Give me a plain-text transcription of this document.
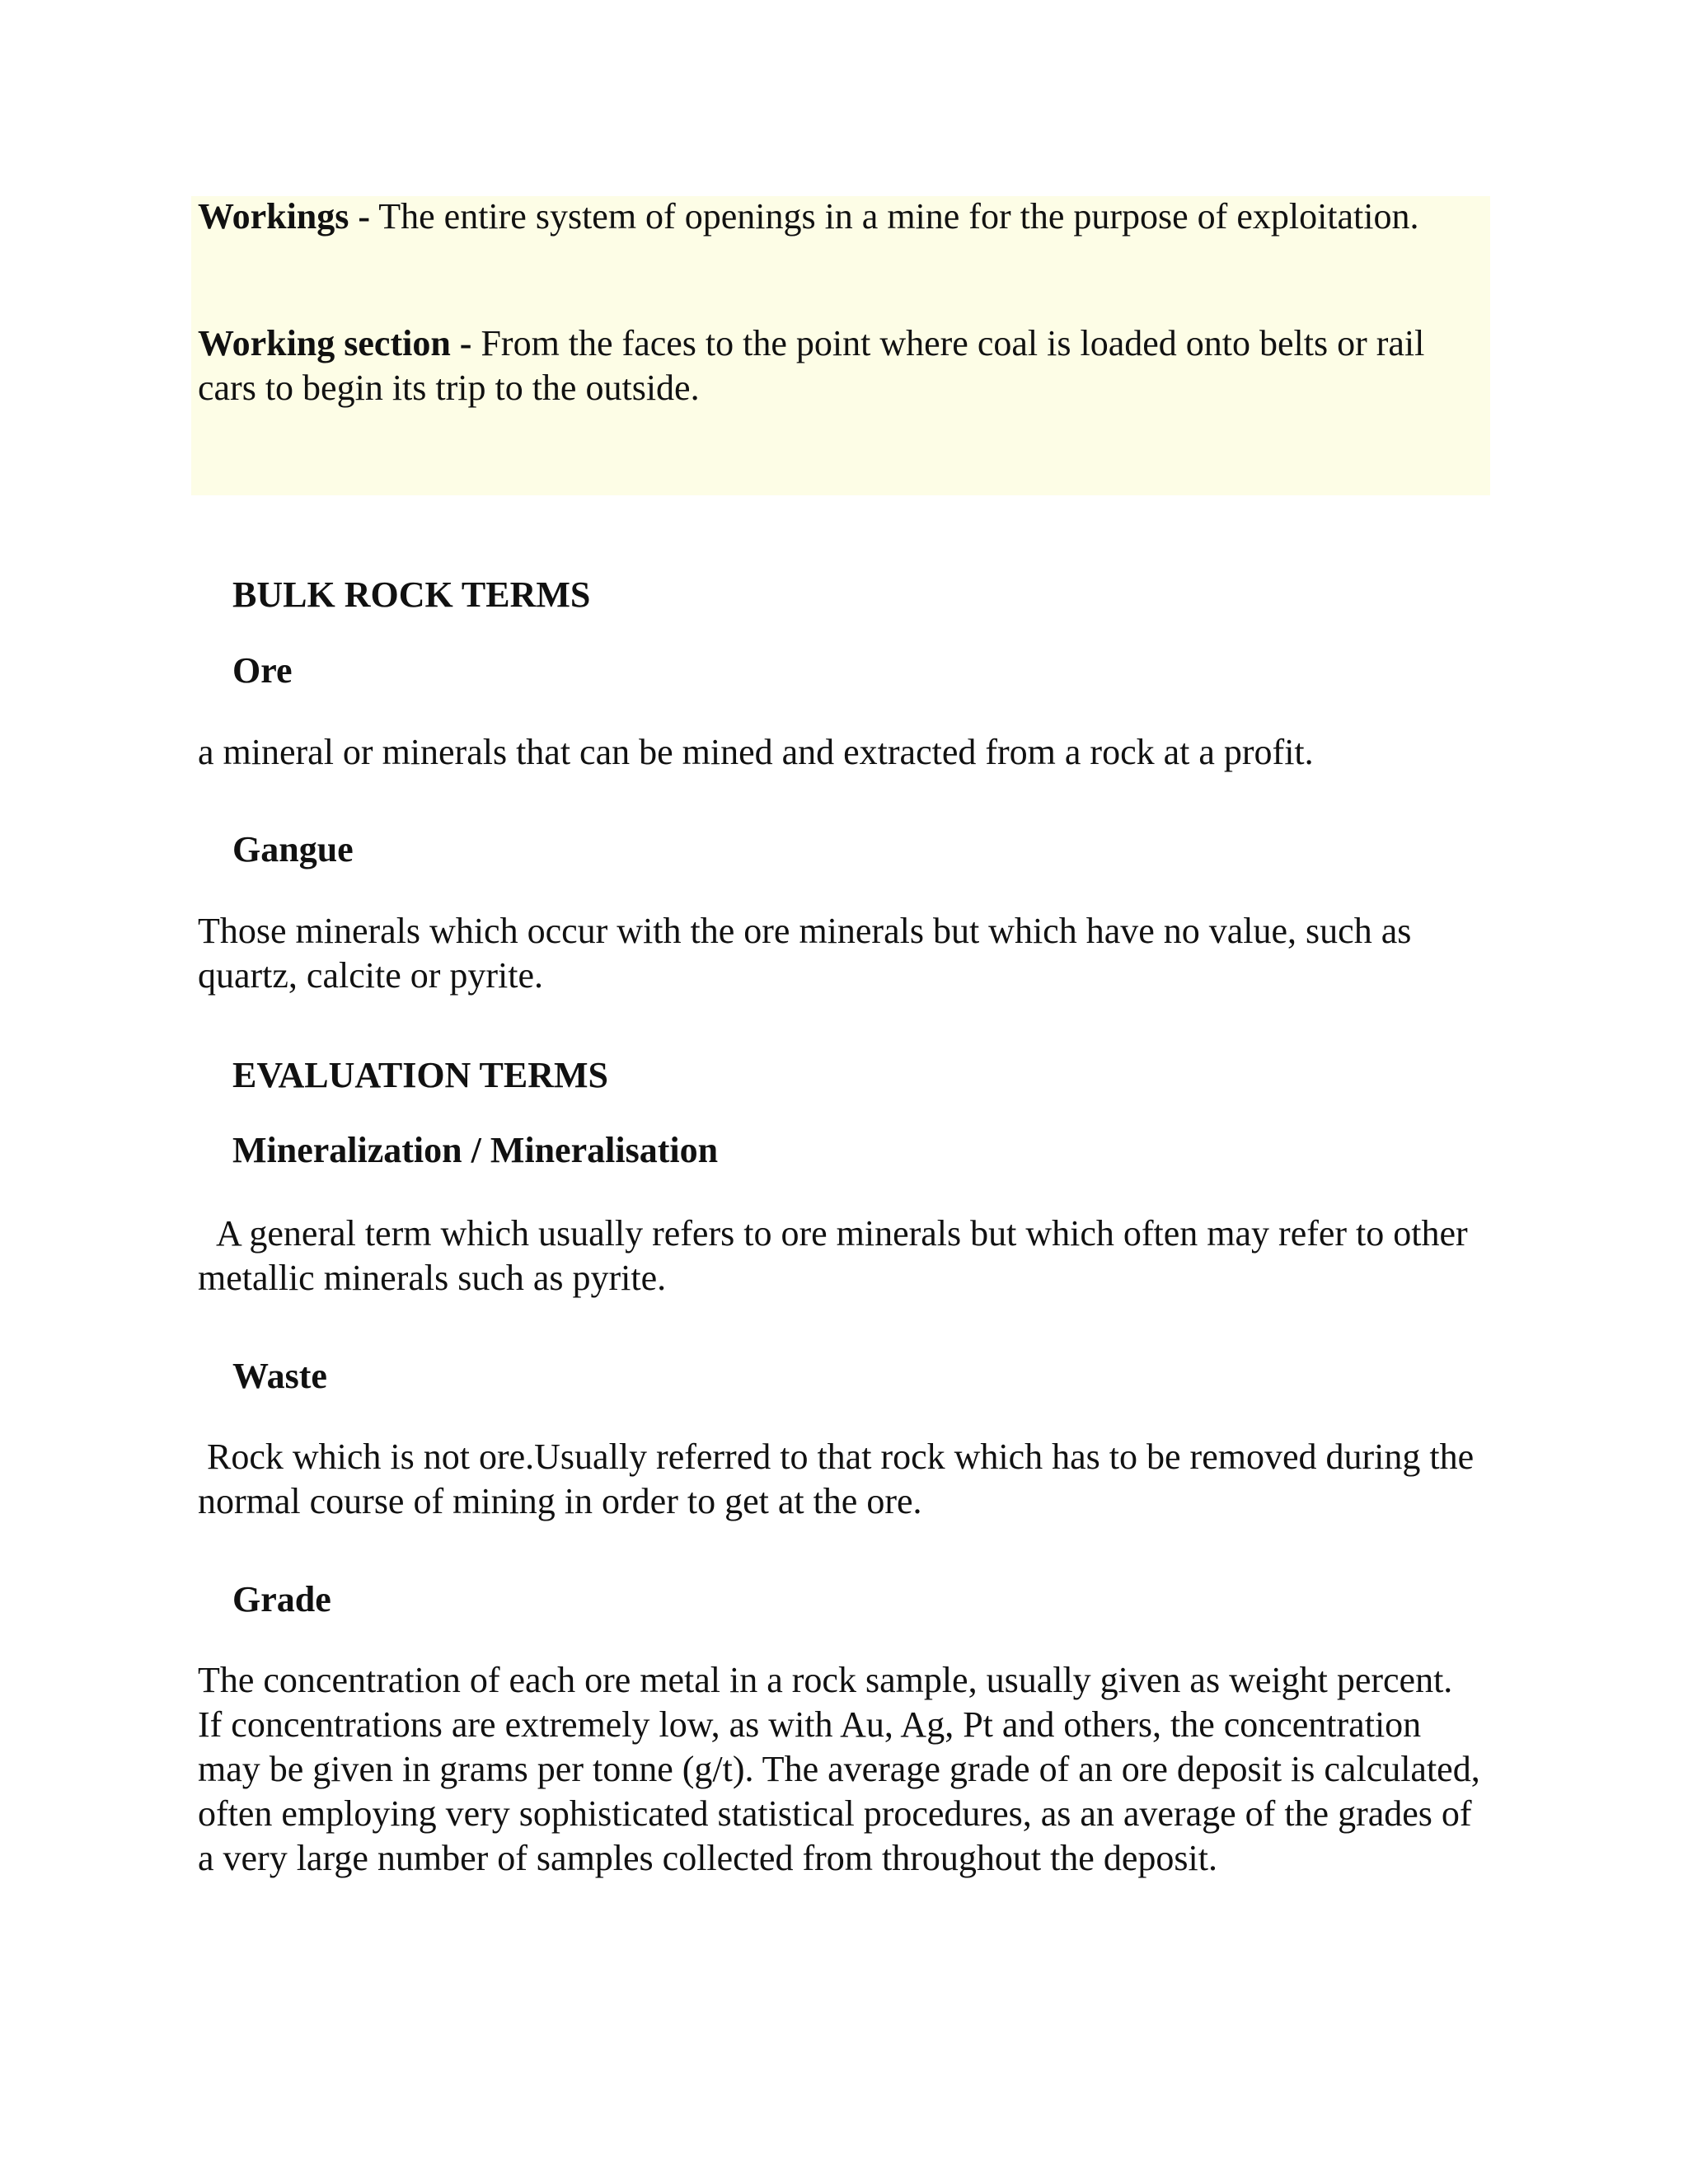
Workings - The entire system of openings in a mine for the purpose of exploitation.

Working section - From the faces to the point where coal is loaded onto belts or rail cars to begin its trip to the outside.

BULK ROCK TERMS
Ore

a mineral or minerals that can be mined and extracted from a rock at a profit.

Gangue

Those minerals which occur with the ore minerals but which have no value, such as quartz, calcite or pyrite.

EVALUATION TERMS
Mineralization / Mineralisation

A general term which usually refers to ore minerals but which often may refer to other metallic minerals such as pyrite.

Waste

Rock which is not ore.Usually referred to that rock which has to be removed during the normal course of mining in order to get at the ore.

Grade

The concentration of each ore metal in a rock sample, usually given as weight percent. If concentrations are extremely low, as with Au, Ag, Pt and others, the concentration may be given in grams per tonne (g/t). The average grade of an ore deposit is calculated, often employing very sophisticated statistical procedures, as an average of the grades of a very large number of samples collected from throughout the deposit.
